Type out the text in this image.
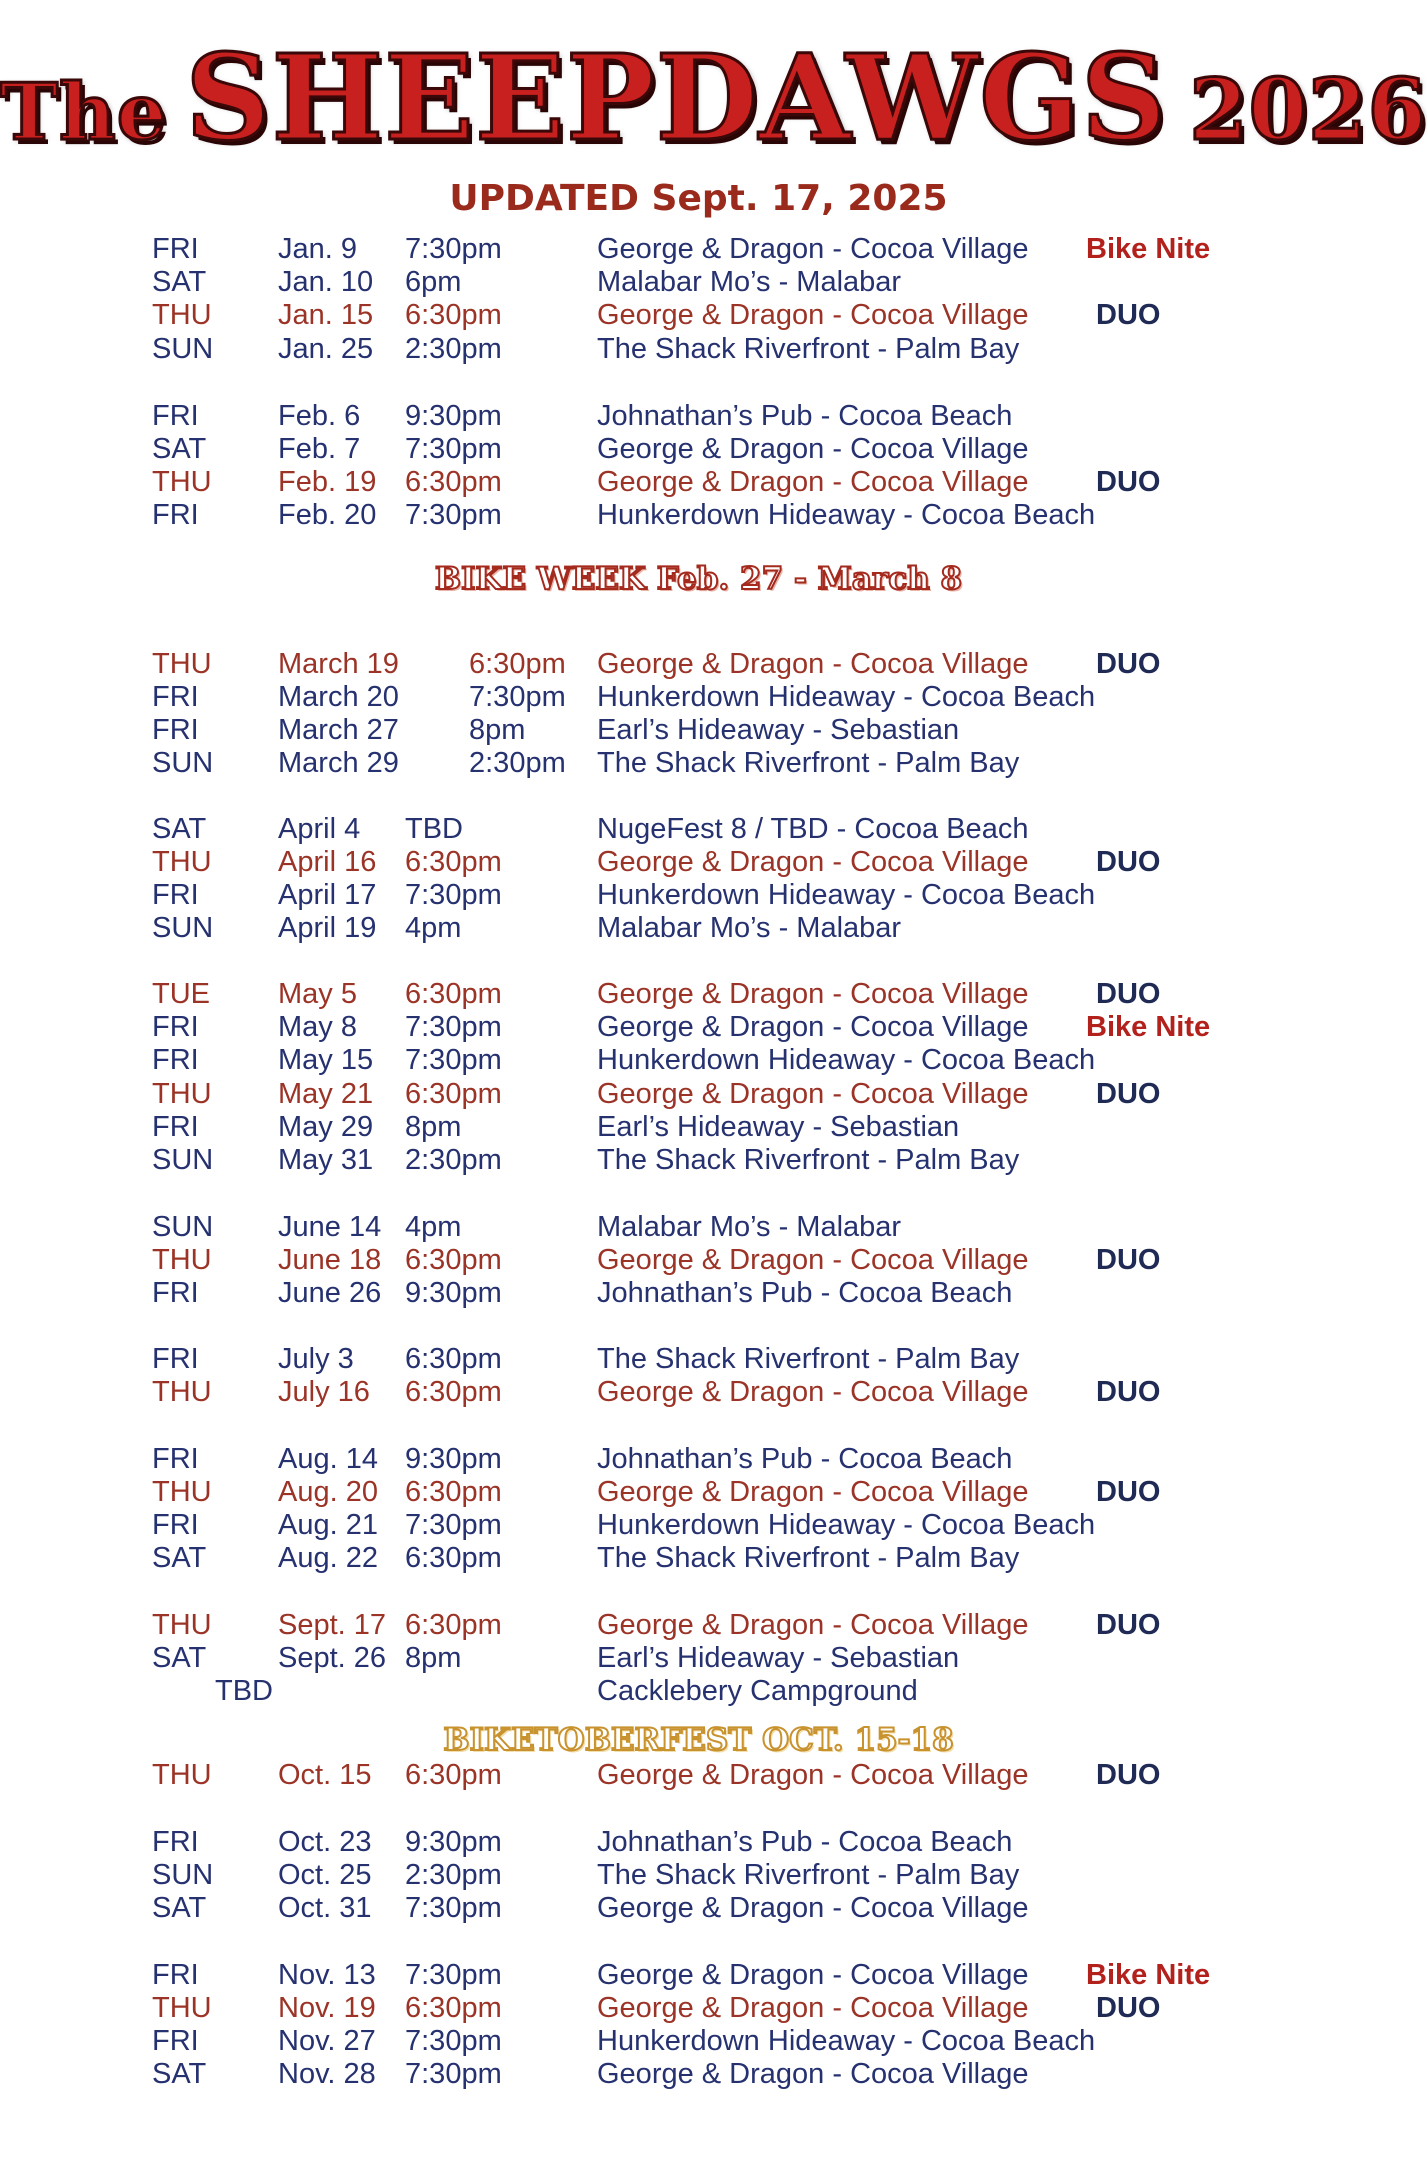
The SHEEPDAWGS 2026
UPDATED Sept. 17, 2025
BIKE WEEK Feb. 27 - March 8
BIKETOBERFEST OCT. 15-18
FRI	Jan. 9 7:30pm	George & Dragon - Cocoa Village Bike Nite
SAT Jan. 10 6pm	Malabar Mo’s - Malabar
THU Jan. 15 6:30pm	George & Dragon - Cocoa Village DUO
SUN Jan. 25 2:30pm	The Shack Riverfront - Palm Bay
FRI	Feb. 6 9:30pm	Johnathan’s Pub - Cocoa Beach
SAT Feb. 7 7:30pm	George & Dragon - Cocoa Village
THU Feb. 19 6:30pm	George & Dragon - Cocoa Village DUO
FRI	Feb. 20 7:30pm	Hunkerdown Hideaway - Cocoa Beach
THU March 19 6:30pm George & Dragon - Cocoa Village DUO
FRI	March 20 7:30pm Hunkerdown Hideaway - Cocoa Beach
FRI	March 27 8pm Earl’s Hideaway - Sebastian
SUN March 29 2:30pm The Shack Riverfront - Palm Bay
SAT April 4 TBD	NugeFest 8 / TBD - Cocoa Beach
THU April 16 6:30pm	George & Dragon - Cocoa Village DUO
FRI	April 17 7:30pm	Hunkerdown Hideaway - Cocoa Beach
SUN April 19 4pm	Malabar Mo’s - Malabar
TUE May 5 6:30pm	George & Dragon - Cocoa Village DUO
FRI	May 8 7:30pm	George & Dragon - Cocoa Village Bike Nite
FRI	May 15 7:30pm	Hunkerdown Hideaway - Cocoa Beach
THU May 21 6:30pm	George & Dragon - Cocoa Village DUO
FRI	May 29 8pm	Earl’s Hideaway - Sebastian
SUN May 31 2:30pm	The Shack Riverfront - Palm Bay
SUN June 14 4pm	Malabar Mo’s - Malabar
THU June 18 6:30pm	George & Dragon - Cocoa Village DUO
FRI	June 26 9:30pm	Johnathan’s Pub - Cocoa Beach
FRI	July 3 6:30pm	The Shack Riverfront - Palm Bay
THU July 16 6:30pm	George & Dragon - Cocoa Village DUO
FRI	Aug. 14 9:30pm	Johnathan’s Pub - Cocoa Beach
THU Aug. 20 6:30pm	George & Dragon - Cocoa Village DUO
FRI	Aug. 21 7:30pm	Hunkerdown Hideaway - Cocoa Beach
SAT Aug. 22 6:30pm	The Shack Riverfront - Palm Bay
THU Sept. 17 6:30pm	George & Dragon - Cocoa Village DUO
SAT Sept. 26 8pm	Earl’s Hideaway - Sebastian
TBD	Cacklebery Campground
THU Oct. 15 6:30pm	George & Dragon - Cocoa Village DUO
FRI	Oct. 23 9:30pm	Johnathan’s Pub - Cocoa Beach
SUN Oct. 25 2:30pm	The Shack Riverfront - Palm Bay
SAT Oct. 31 7:30pm	George & Dragon - Cocoa Village
FRI	Nov. 13 7:30pm	George & Dragon - Cocoa Village Bike Nite
THU Nov. 19 6:30pm	George & Dragon - Cocoa Village DUO
FRI	Nov. 27 7:30pm	Hunkerdown Hideaway - Cocoa Beach
SAT Nov. 28 7:30pm	George & Dragon - Cocoa Village
